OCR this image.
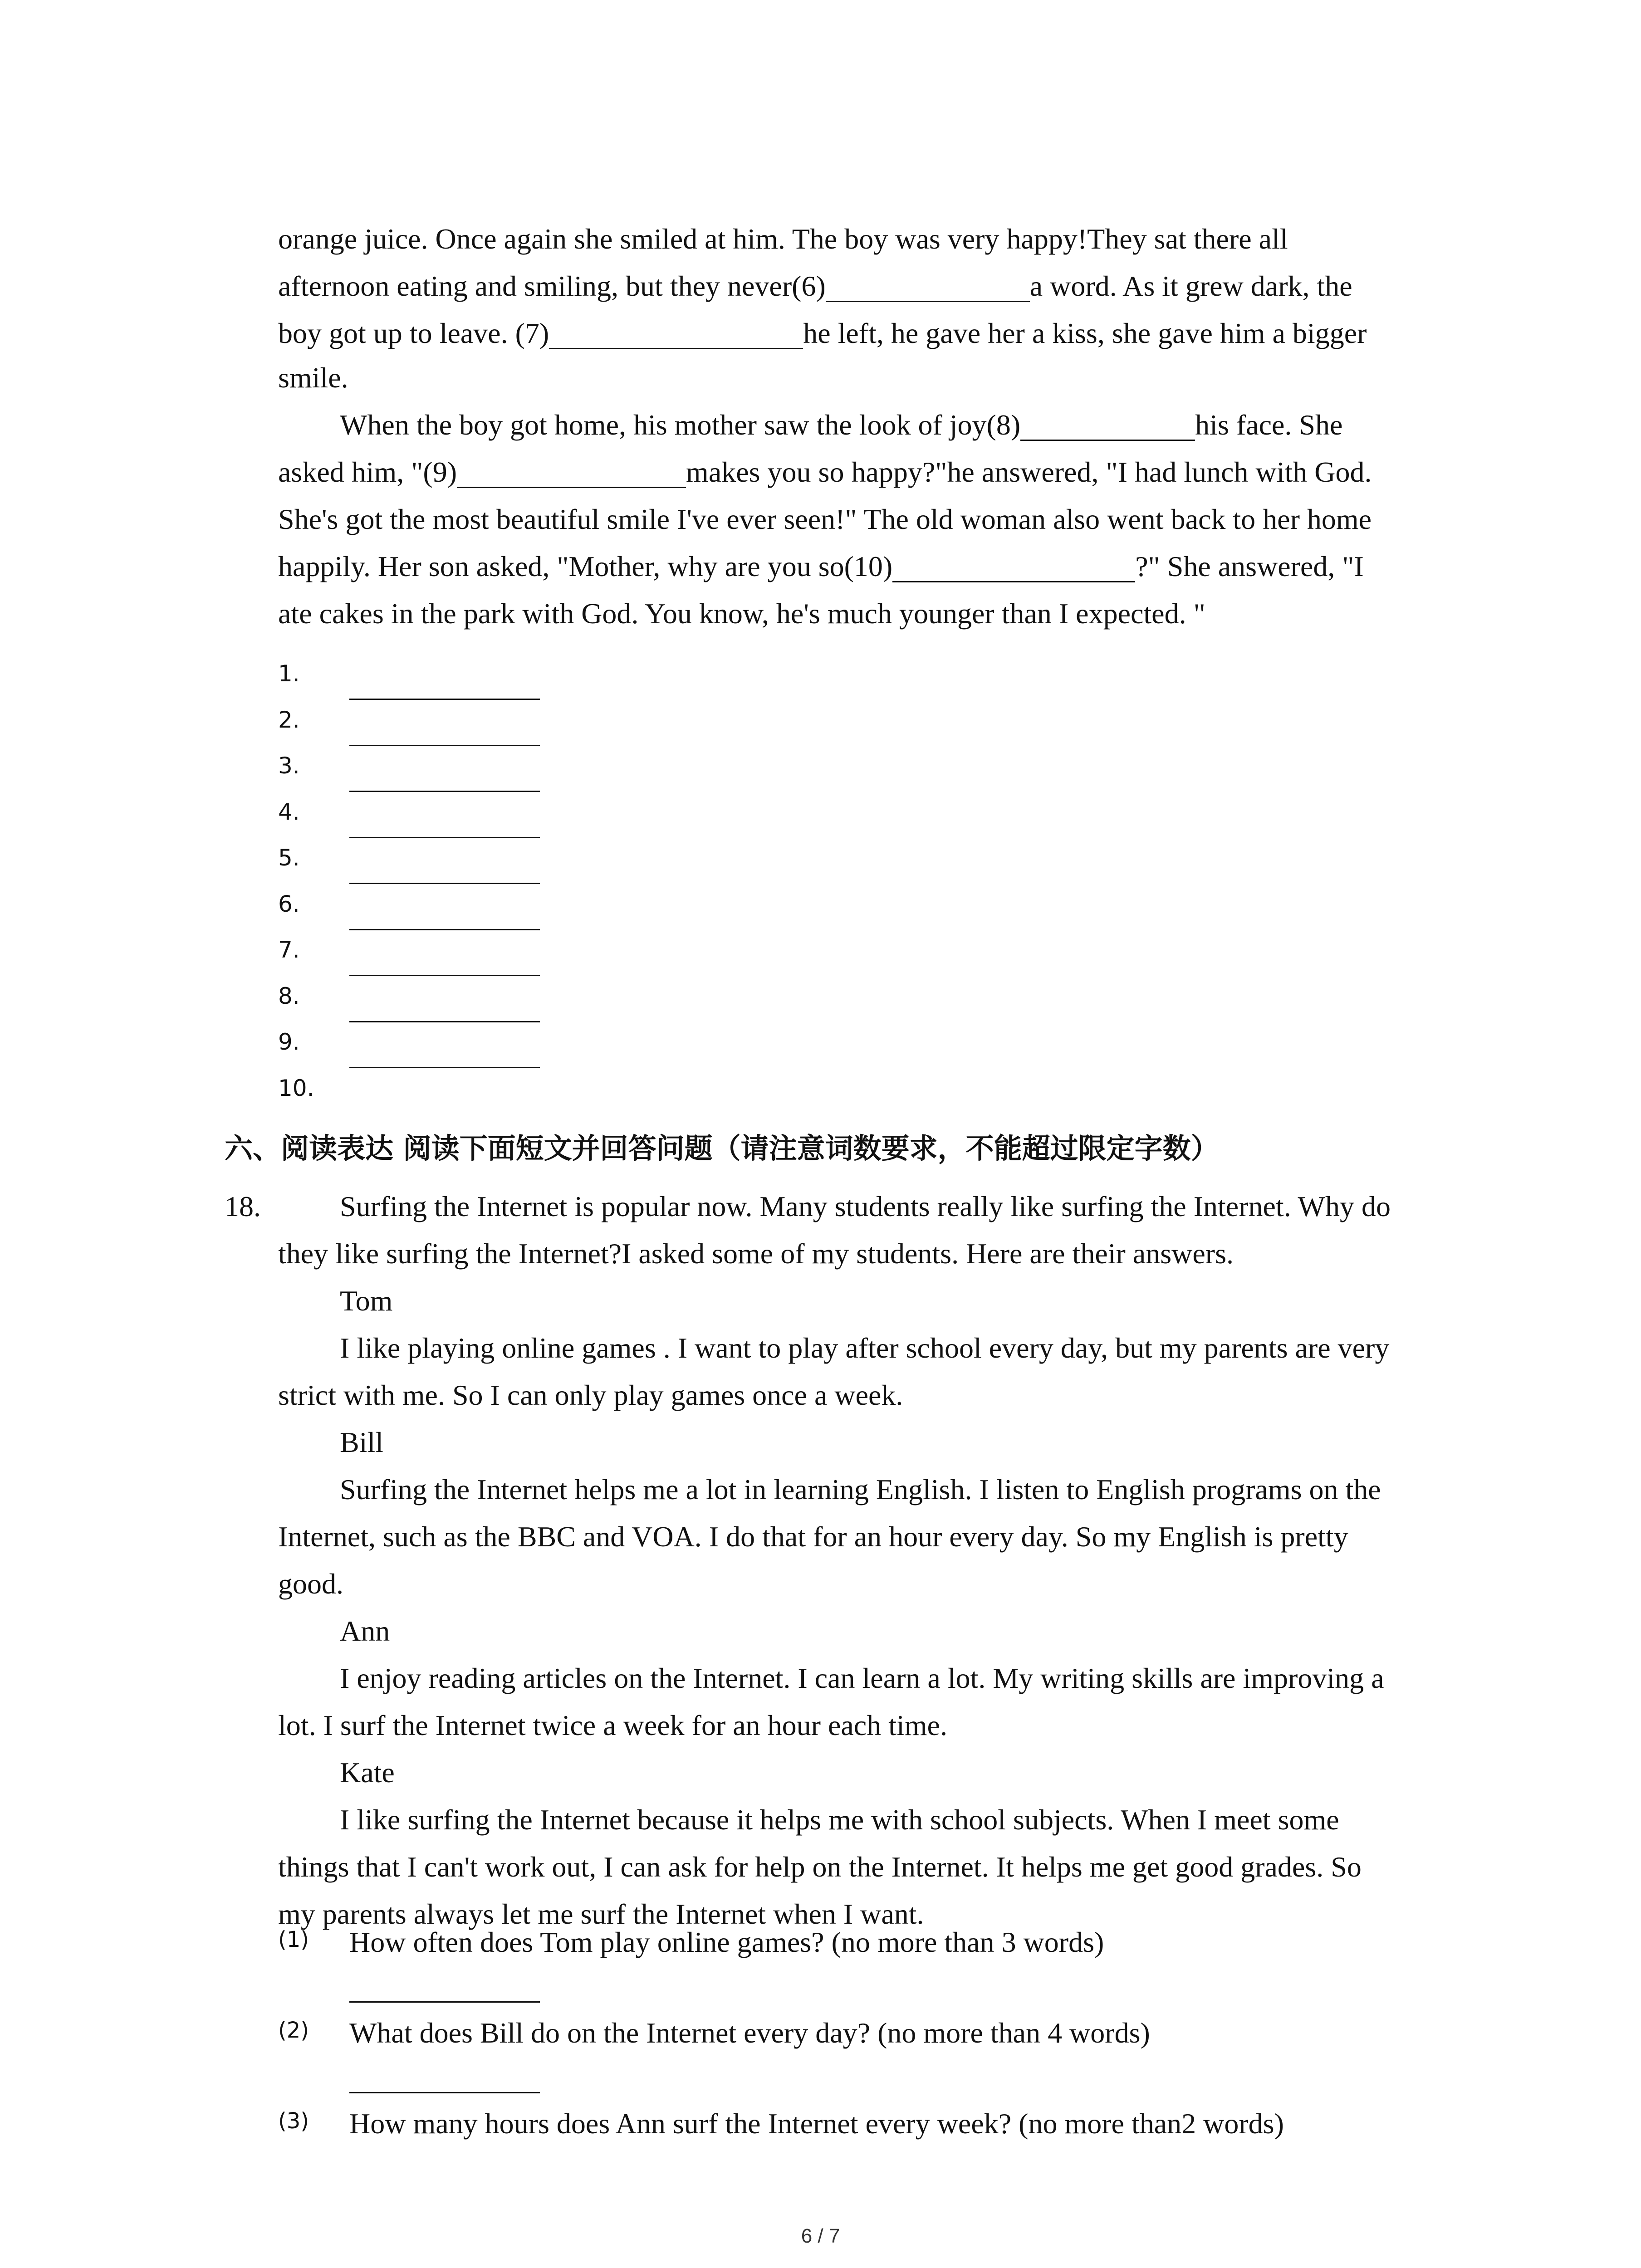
orange juice. Once again she smiled at him. The boy was very happy!They sat there all
afternoon eating and smiling, but they never(6)	a word. As it grew dark, the
boy got up to leave. (7)	he left, he gave her a kiss, she gave him a bigger
smile.
When the boy got home, his mother saw the look of joy(8)	his face. She
asked him, "(9)	makes you so happy?"he answered, "I had lunch with God.
She's got the most beautiful smile I've ever seen!" The old woman also went back to her home
happily. Her son asked, "Mother, why are you so(10)	?" She answered, "I
ate cakes in the park with God. You know, he's much younger than I expected. "
1.
2.
3.
4.
5.
6.
7.
8.
9.
10.
六、阅读表达 阅读下面短文并回答问题（请注意词数要求，不能超过限定字数）
18.	Surfing the Internet is popular now. Many students really like surfing the Internet. Why do
they like surfing the Internet?I asked some of my students. Here are their answers.
Tom
I like playing online games . I want to play after school every day, but my parents are very
strict with me. So I can only play games once a week.
Bill
Surfing the Internet helps me a lot in learning English. I listen to English programs on the
Internet, such as the BBC and VOA. I do that for an hour every day. So my English is pretty
good.
Ann
I enjoy reading articles on the Internet. I can learn a lot. My writing skills are improving a
lot. I surf the Internet twice a week for an hour each time.
Kate
I like surfing the Internet because it helps me with school subjects. When I meet some
things that I can't work out, I can ask for help on the Internet. It helps me get good grades. So
my parents always let me surf the Internet when I want.
(1) How often does Tom play online games? (no more than 3 words)
(2) What does Bill do on the Internet every day? (no more than 4 words)
(3) How many hours does Ann surf the Internet every week? (no more than2 words)
6 / 7
